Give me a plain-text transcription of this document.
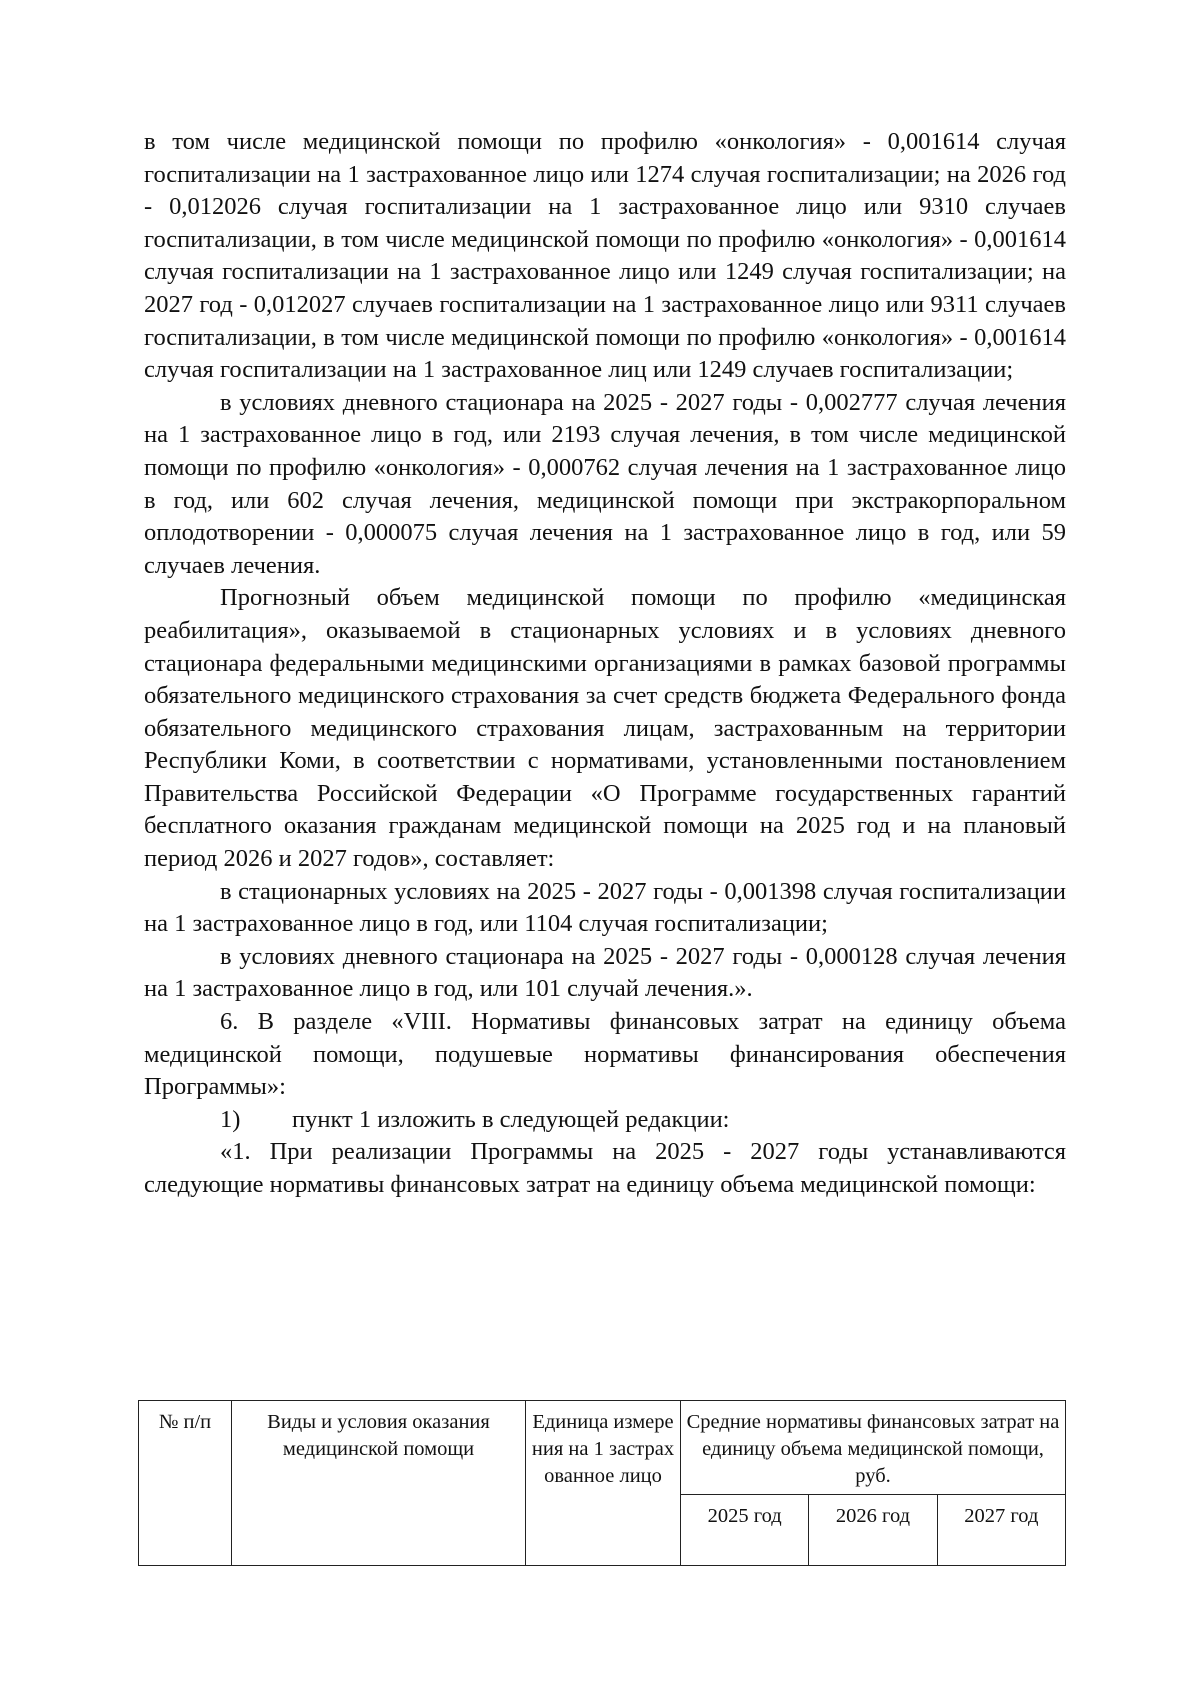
в том числе медицинской помощи по профилю «онкология» - 0,001614 случая госпитализации на 1 застрахованное лицо или 1274 случая госпитализации; на 2026 год - 0,012026 случая госпитализации на 1 застрахованное лицо или 9310 случаев госпитализации, в том числе медицинской помощи по профилю «онкология» - 0,001614 случая госпитализации на 1 застрахованное лицо или 1249 случая госпитализации; на 2027 год - 0,012027 случаев госпитализации на 1 застрахованное лицо или 9311 случаев госпитализации, в том числе медицинской помощи по профилю «онкология» - 0,001614 случая госпитализации на 1 застрахованное лиц или 1249 случаев госпитализации;

в условиях дневного стационара на 2025 - 2027 годы - 0,002777 случая лечения на 1 застрахованное лицо в год, или 2193 случая лечения, в том числе медицинской помощи по профилю «онкология» - 0,000762 случая лечения на 1 застрахованное лицо в год, или 602 случая лечения, медицинской помощи при экстракорпоральном оплодотворении - 0,000075 случая лечения на 1 застрахованное лицо в год, или 59 случаев лечения.

Прогнозный объем медицинской помощи по профилю «медицинская реабилитация», оказываемой в стационарных условиях и в условиях дневного стационара федеральными медицинскими организациями в рамках базовой программы обязательного медицинского страхования за счет средств бюджета Федерального фонда обязательного медицинского страхования лицам, застрахованным на территории Республики Коми, в соответствии с нормативами, установленными постановлением Правительства Российской Федерации «О Программе государственных гарантий бесплатного оказания гражданам медицинской помощи на 2025 год и на плановый период 2026 и 2027 годов», составляет:

в стационарных условиях на 2025 - 2027 годы - 0,001398 случая госпитализации на 1 застрахованное лицо в год, или 1104 случая госпитализации;

в условиях дневного стационара на 2025 - 2027 годы - 0,000128 случая лечения на 1 застрахованное лицо в год, или 101 случай лечения.».

6. В разделе «VIII. Нормативы финансовых затрат на единицу объема медицинской помощи, подушевые нормативы финансирования обеспечения Программы»:

1)	пункт 1 изложить в следующей редакции:

«1. При реализации Программы на 2025 - 2027 годы устанавливаются следующие нормативы финансовых затрат на единицу объема медицинской помощи:

№ п/п	Виды и условия оказания медицинской помощи	Единица измерения на 1 застрахованное лицо	Средние нормативы финансовых затрат на единицу объема медицинской помощи, руб.		
			2025 год	2026 год	2027 год
